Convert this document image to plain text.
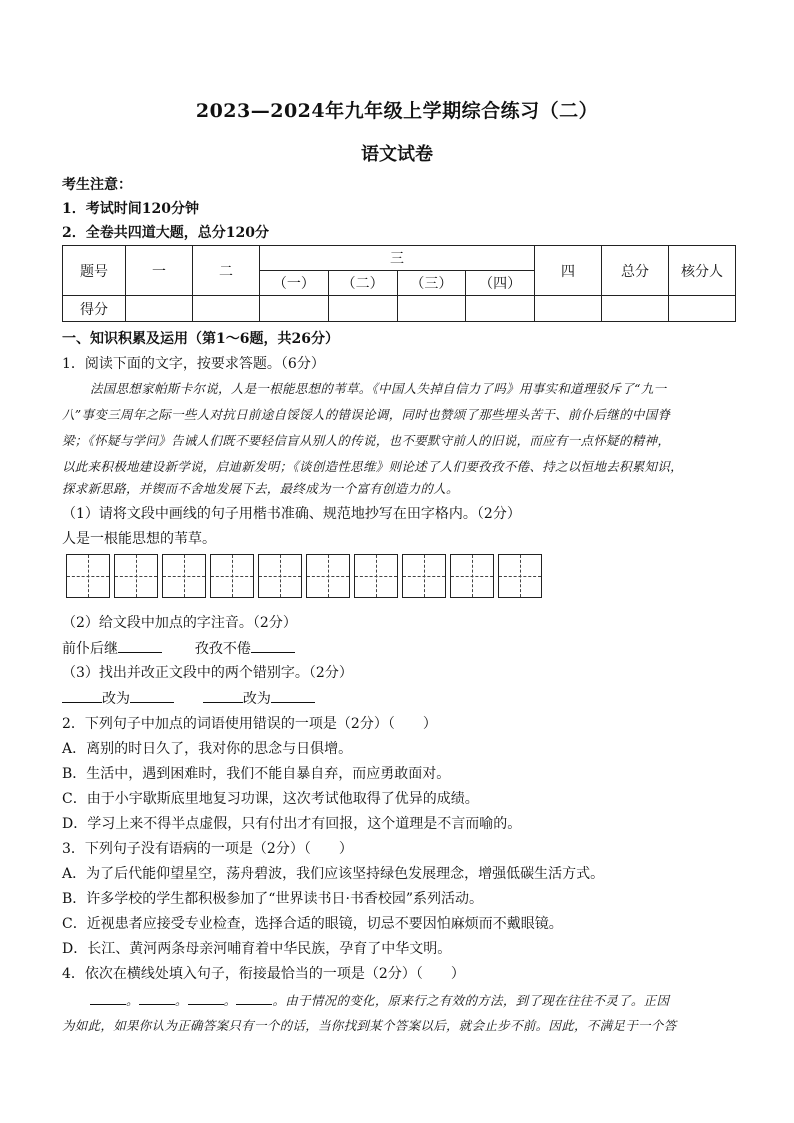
2023—2024年九年级上学期综合练习（二）
语文试卷
考生注意：
1．考试时间120分钟
2．全卷共四道大题，总分120分
题号	一	二	三				四	总分	核分人
			（一）	（二）	（三）	（四）			
得分									
一、知识积累及运用（第1～6题，共26分）
1．阅读下面的文字，按要求答题。（6分）
法国思想家帕斯卡尔说，人是一根能思想的苇草。《中国人失掉自信力了吗》用事实和道理驳斥了“九一
八”事变三周年之际一些人对抗日前途自馁馁人的错误论调，同时也赞颂了那些埋头苦干、前仆后继的中国脊
梁；《怀疑与学问》告诫人们既不要轻信盲从别人的传说，也不要默守前人的旧说，而应有一点怀疑的精神，
以此来积极地建设新学说，启迪新发明；《谈创造性思维》则论述了人们要孜孜不倦、持之以恒地去积累知识，
探求新思路，并锲而不舍地发展下去，最终成为一个富有创造力的人。
（1）请将文段中画线的句子用楷书准确、规范地抄写在田字格内。（2分）
人是一根能思想的苇草。
（2）给文段中加点的字注音。（2分）
前仆后继	孜孜不倦
（3）找出并改正文段中的两个错别字。（2分）
改为	改为
2．下列句子中加点的词语使用错误的一项是（2分）（　　）
A．离别的时日久了，我对你的思念与日俱增。
B．生活中，遇到困难时，我们不能自暴自弃，而应勇敢面对。
C．由于小宇歇斯底里地复习功课，这次考试他取得了优异的成绩。
D．学习上来不得半点虚假，只有付出才有回报，这个道理是不言而喻的。
3．下列句子没有语病的一项是（2分）（　　）
A．为了后代能仰望星空，荡舟碧波，我们应该坚持绿色发展理念，增强低碳生活方式。
B．许多学校的学生都积极参加了“世界读书日·书香校园”系列活动。
C．近视患者应接受专业检查，选择合适的眼镜，切忌不要因怕麻烦而不戴眼镜。
D．长江、黄河两条母亲河哺育着中华民族，孕育了中华文明。
4．依次在横线处填入句子，衔接最恰当的一项是（2分）（　　）
。	。	。	。由于情况的变化，原来行之有效的方法，到了现在往往不灵了。正因
为如此，如果你认为正确答案只有一个的话，当你找到某个答案以后，就会止步不前。因此，不满足于一个答
